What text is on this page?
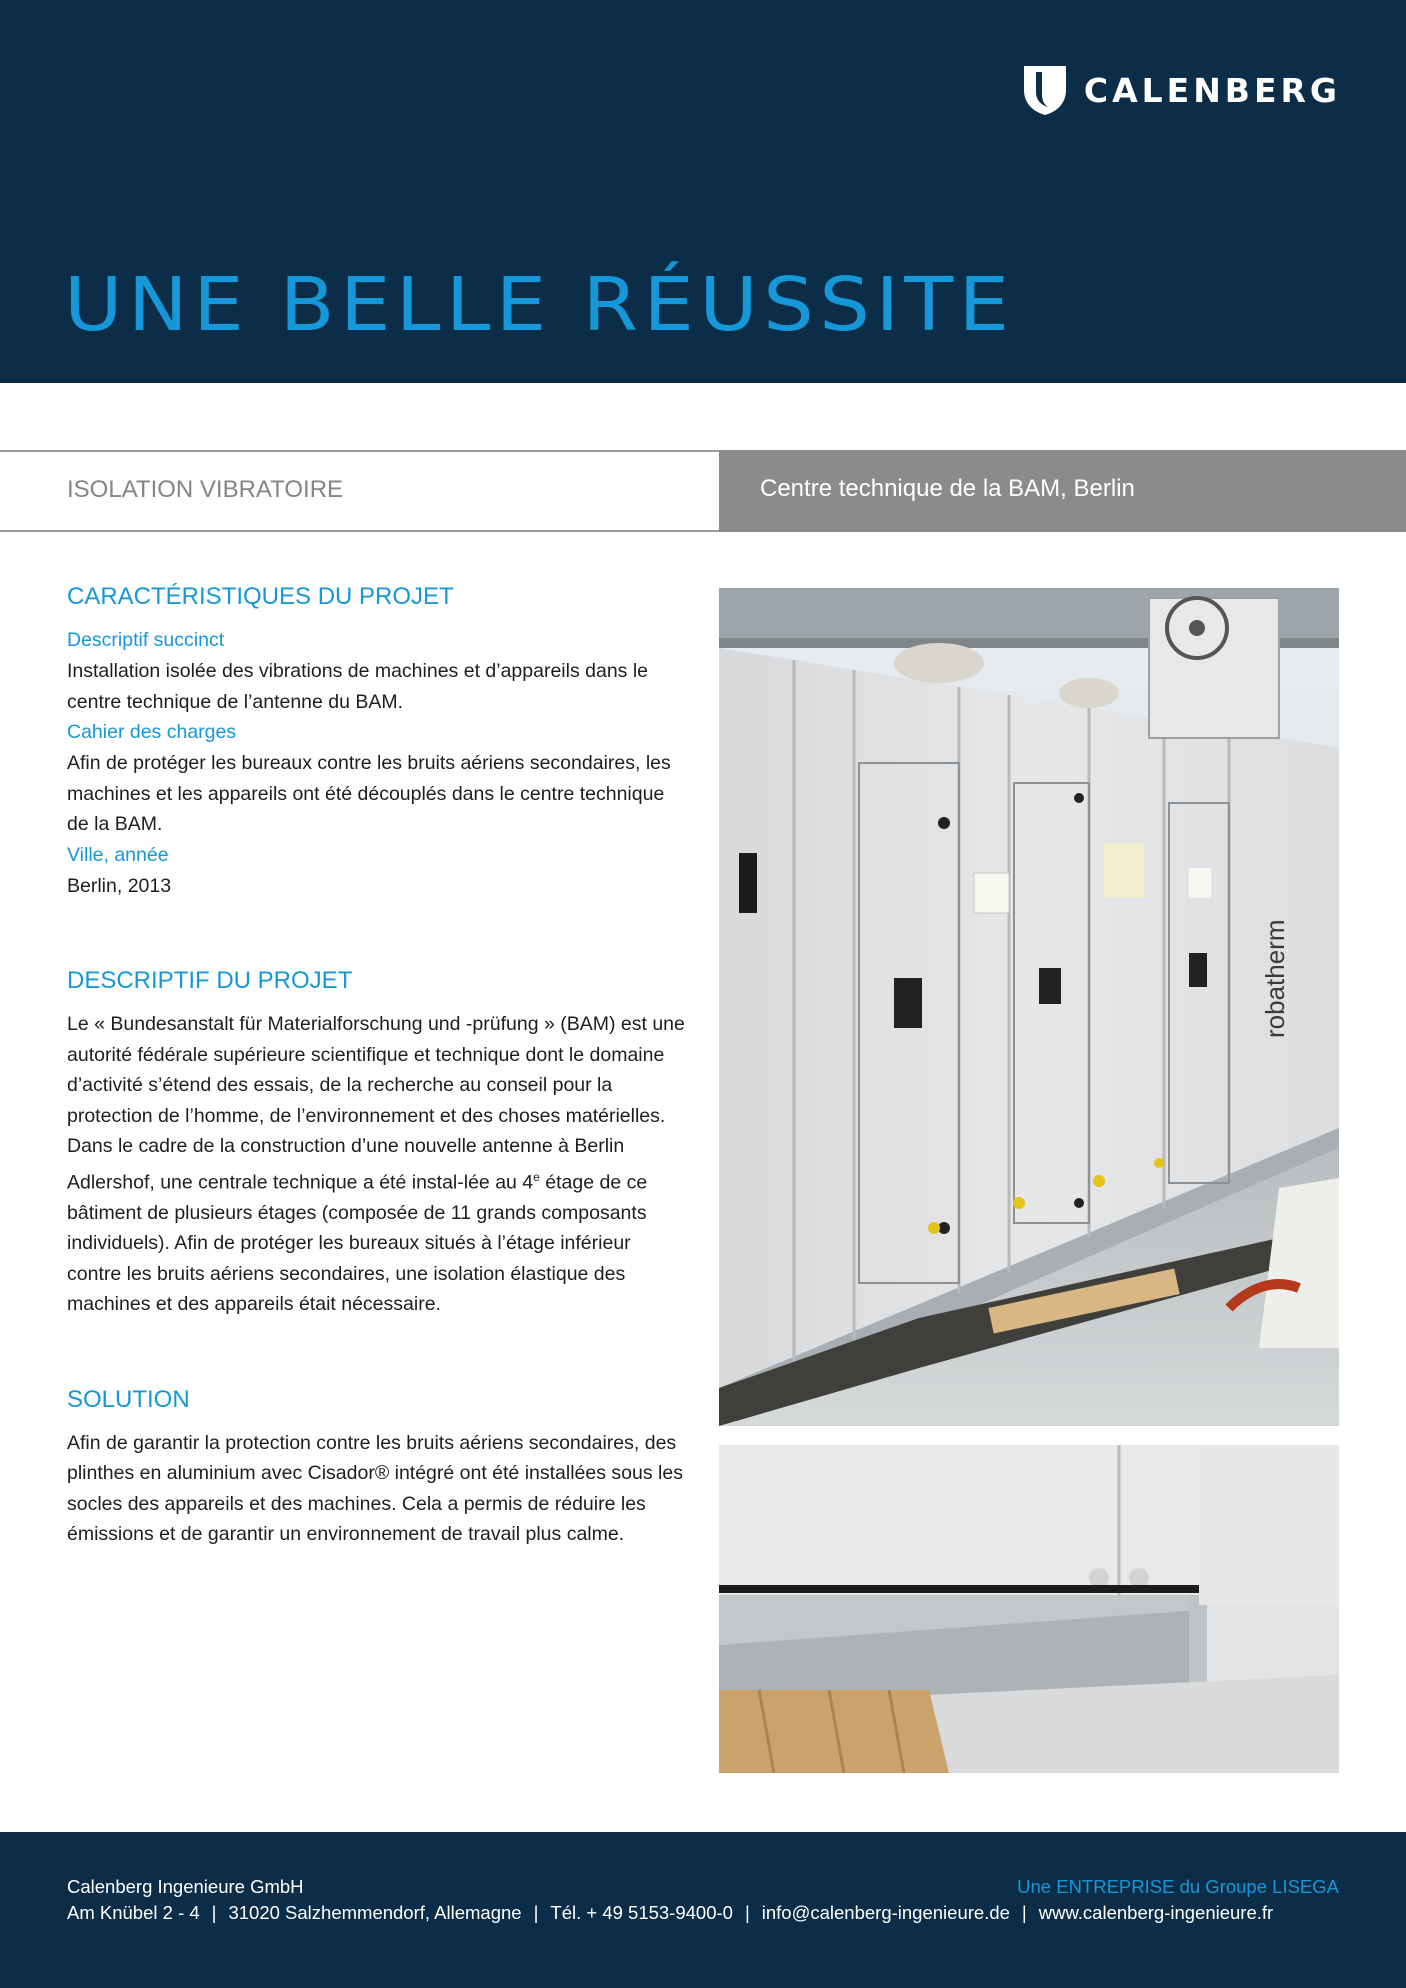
CALENBERG
UNE BELLE RÉUSSITE
ISOLATION VIBRATOIRE	Centre technique de la BAM, Berlin
CARACTÉRISTIQUES DU PROJET

Descriptif succinct

Installation isolée des vibrations de machines et d’appareils dans le centre technique de l’antenne du BAM.

Cahier des charges

Afin de protéger les bureaux contre les bruits aériens secondaires, les machines et les appareils ont été découplés dans le centre technique de la BAM.

Ville, année

Berlin, 2013

DESCRIPTIF DU PROJET

Le « Bundesanstalt für Materialforschung und -prüfung » (BAM) est une autorité fédérale supérieure scientifique et technique dont le domaine d’activité s’étend des essais, de la recherche au conseil pour la protection de l’homme, de l’environnement et des choses matérielles. Dans le cadre de la construction d’une nouvelle antenne à Berlin Adlershof, une centrale technique a été instal-lée au 4e étage de ce bâtiment de plusieurs étages (composée de 11 grands composants individuels). Afin de protéger les bureaux situés à l’étage inférieur contre les bruits aériens secondaires, une isolation élastique des machines et des appareils était nécessaire.

SOLUTION

Afin de garantir la protection contre les bruits aériens secondaires, des plinthes en aluminium avec Cisador® intégré ont été installées sous les socles des appareils et des machines. Cela a permis de réduire les émissions et de garantir un environnement de travail plus calme.

robatherm
Calenberg Ingenieure GmbH	Une ENTREPRISE du Groupe LISEGA
Am Knübel 2 - 4 | 31020 Salzhemmendorf, Allemagne | Tél. + 49 5153-9400-0 | info@calenberg-ingenieure.de | www.calenberg-ingenieure.fr
